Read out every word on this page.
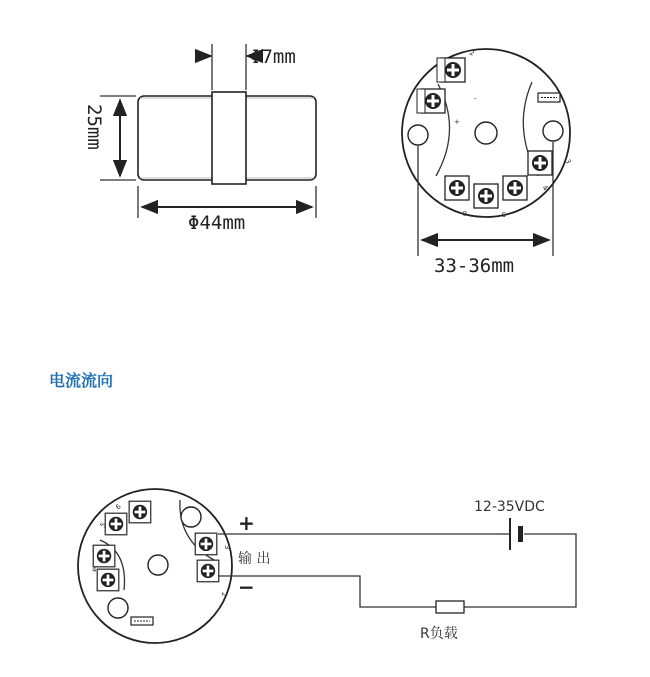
Φ7mm
25mm
Φ44mm
2
-
+
3
4
5
6
33-36mm
电流流向
6
5
4
3
2
+
输 出
−
12-35VDC
R负载
